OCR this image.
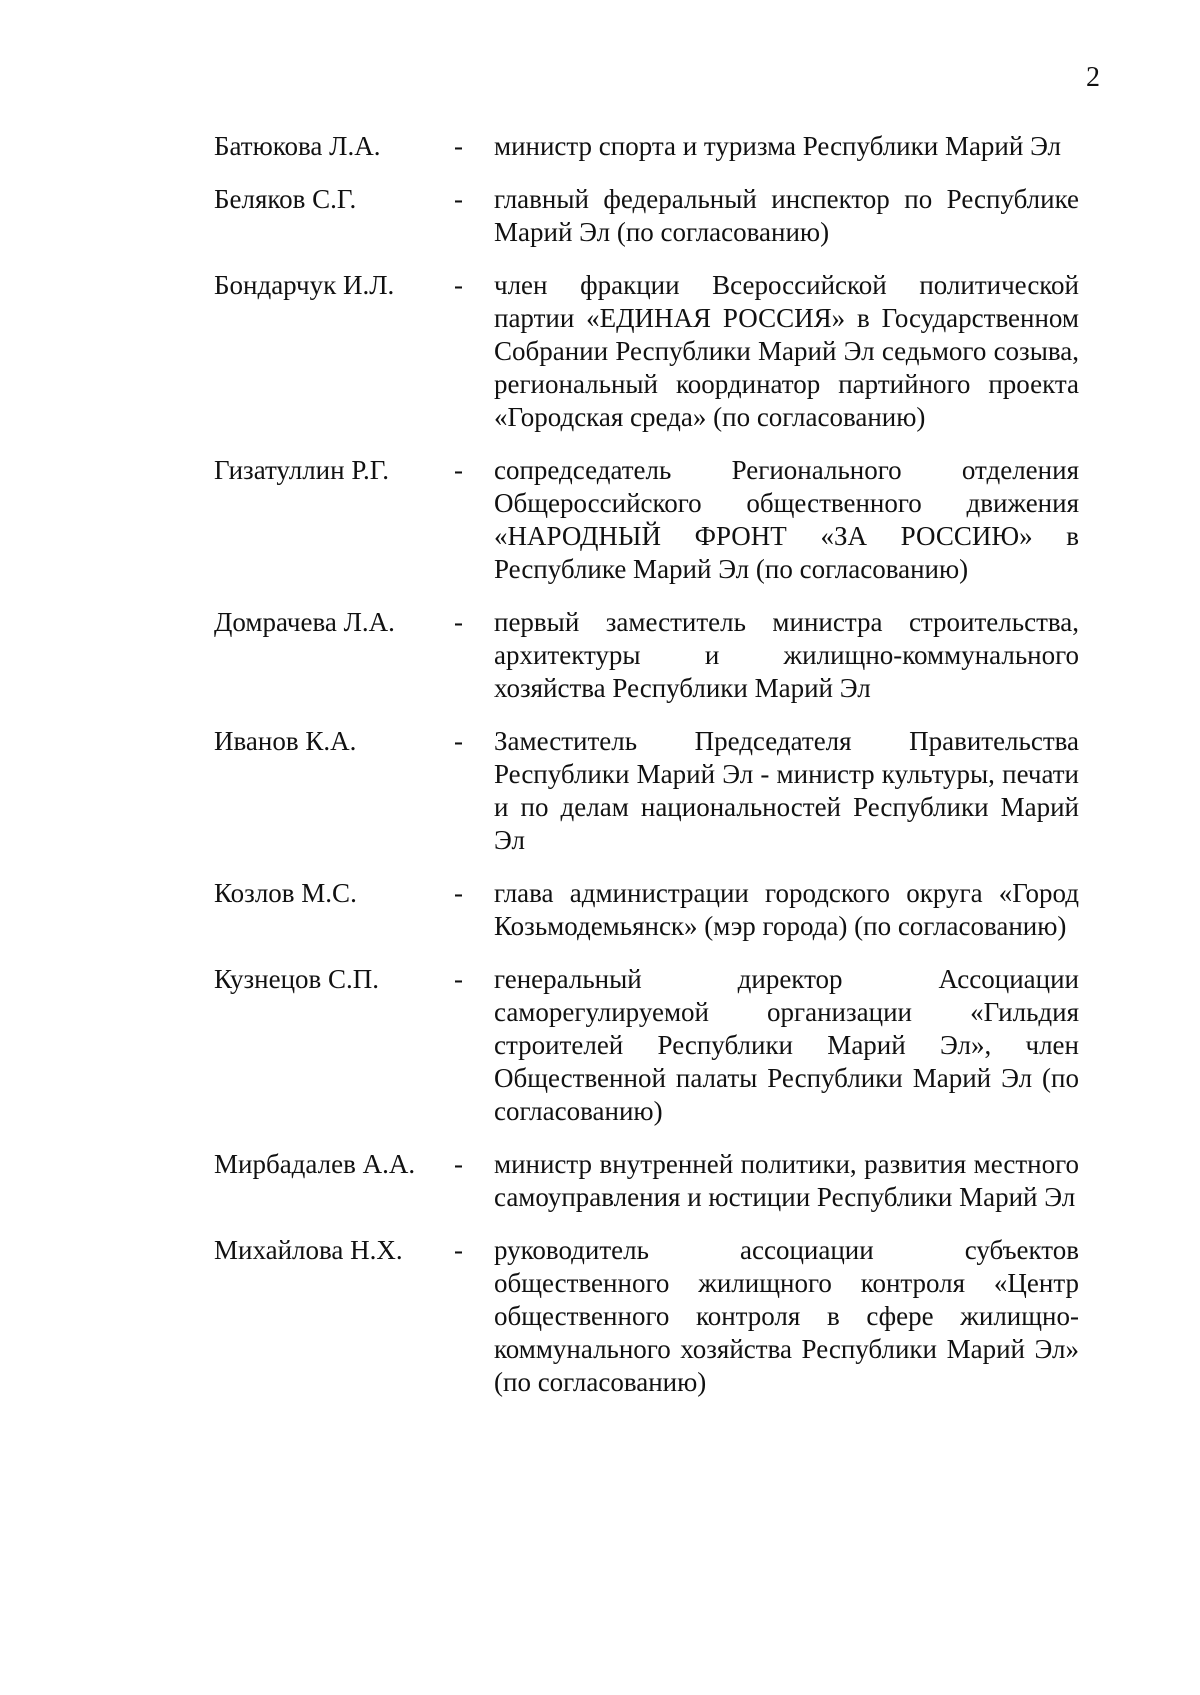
2
Батюкова Л.А.	-	министр спорта и туризма Республики Марий Эл
Беляков С.Г.	-	главный федеральный инспектор по Республике Марий Эл (по согласованию)
Бондарчук И.Л.	-	член фракции Всероссийской политической партии «ЕДИНАЯ РОССИЯ» в Государственном Собрании Республики Марий Эл седьмого созыва, региональный координатор партийного проекта «Городская среда» (по согласованию)
Гизатуллин Р.Г.	-	сопредседатель Регионального отделения Общероссийского общественного движения «НАРОДНЫЙ ФРОНТ «ЗА РОССИЮ» в Республике Марий Эл (по согласованию)
Домрачева Л.А.	-	первый заместитель министра строительства, архитектуры и жилищно-коммунального хозяйства Республики Марий Эл
Иванов К.А.	-	Заместитель Председателя Правительства Республики Марий Эл - министр культуры, печати и по делам национальностей Республики Марий Эл
Козлов М.С.	-	глава администрации городского округа «Город Козьмодемьянск» (мэр города) (по согласованию)
Кузнецов С.П.	-	генеральный директор Ассоциации саморегулируемой организации «Гильдия строителей Республики Марий Эл», член Общественной палаты Республики Марий Эл (по согласованию)
Мирбадалев А.А.	-	министр внутренней политики, развития местного самоуправления и юстиции Республики Марий Эл
Михайлова Н.Х.	-	руководитель ассоциации субъектов общественного жилищного контроля «Центр общественного контроля в сфере жилищно-коммунального хозяйства Республики Марий Эл» (по согласованию)
